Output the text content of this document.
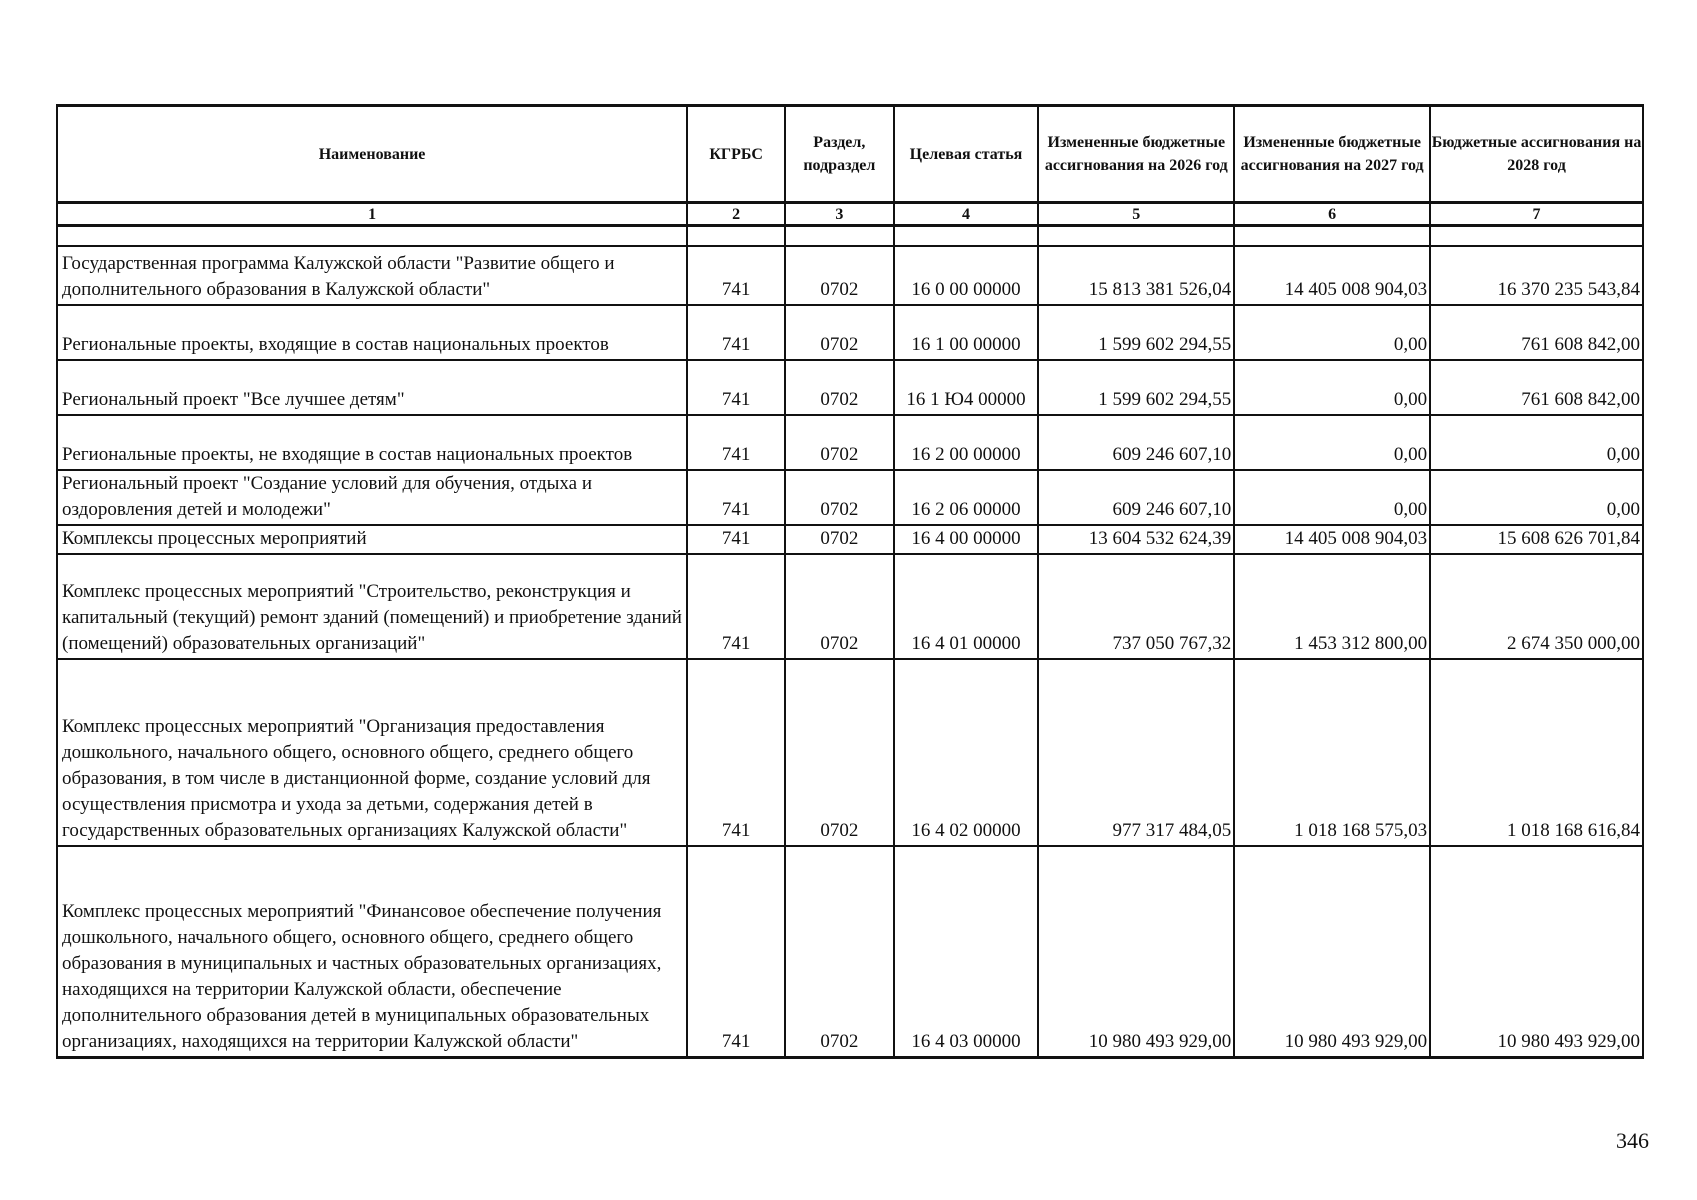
Наименование	КГРБС	Раздел, подраздел	Целевая статья	Измененные бюджетные ассигнования на 2026 год	Измененные бюджетные ассигнования на 2027 год	Бюджетные ассигнования на 2028 год
1	2	3	4	5	6	7

Государственная программа Калужской области "Развитие общего и дополнительного образования в Калужской области"	741	0702	16 0 00 00000	15 813 381 526,04	14 405 008 904,03	16 370 235 543,84
Региональные проекты, входящие в состав национальных проектов	741	0702	16 1 00 00000	1 599 602 294,55	0,00	761 608 842,00
Региональный проект "Все лучшее детям"	741	0702	16 1 Ю4 00000	1 599 602 294,55	0,00	761 608 842,00
Региональные проекты, не входящие в состав национальных проектов	741	0702	16 2 00 00000	609 246 607,10	0,00	0,00
Региональный проект "Создание условий для обучения, отдыха и оздоровления детей и молодежи"	741	0702	16 2 06 00000	609 246 607,10	0,00	0,00
Комплексы процессных мероприятий	741	0702	16 4 00 00000	13 604 532 624,39	14 405 008 904,03	15 608 626 701,84
Комплекс процессных мероприятий "Строительство, реконструкция и капитальный (текущий) ремонт зданий (помещений) и приобретение зданий (помещений) образовательных организаций"	741	0702	16 4 01 00000	737 050 767,32	1 453 312 800,00	2 674 350 000,00
Комплекс процессных мероприятий "Организация предоставления дошкольного, начального общего, основного общего, среднего общего образования, в том числе в дистанционной форме, создание условий для осуществления присмотра и ухода за детьми, содержания детей в государственных образовательных организациях Калужской области"	741	0702	16 4 02 00000	977 317 484,05	1 018 168 575,03	1 018 168 616,84
Комплекс процессных мероприятий "Финансовое обеспечение получения дошкольного, начального общего, основного общего, среднего общего образования в муниципальных и частных образовательных организациях, находящихся на территории Калужской области, обеспечение дополнительного образования детей в муниципальных образовательных организациях, находящихся на территории Калужской области"	741	0702	16 4 03 00000	10 980 493 929,00	10 980 493 929,00	10 980 493 929,00
346
